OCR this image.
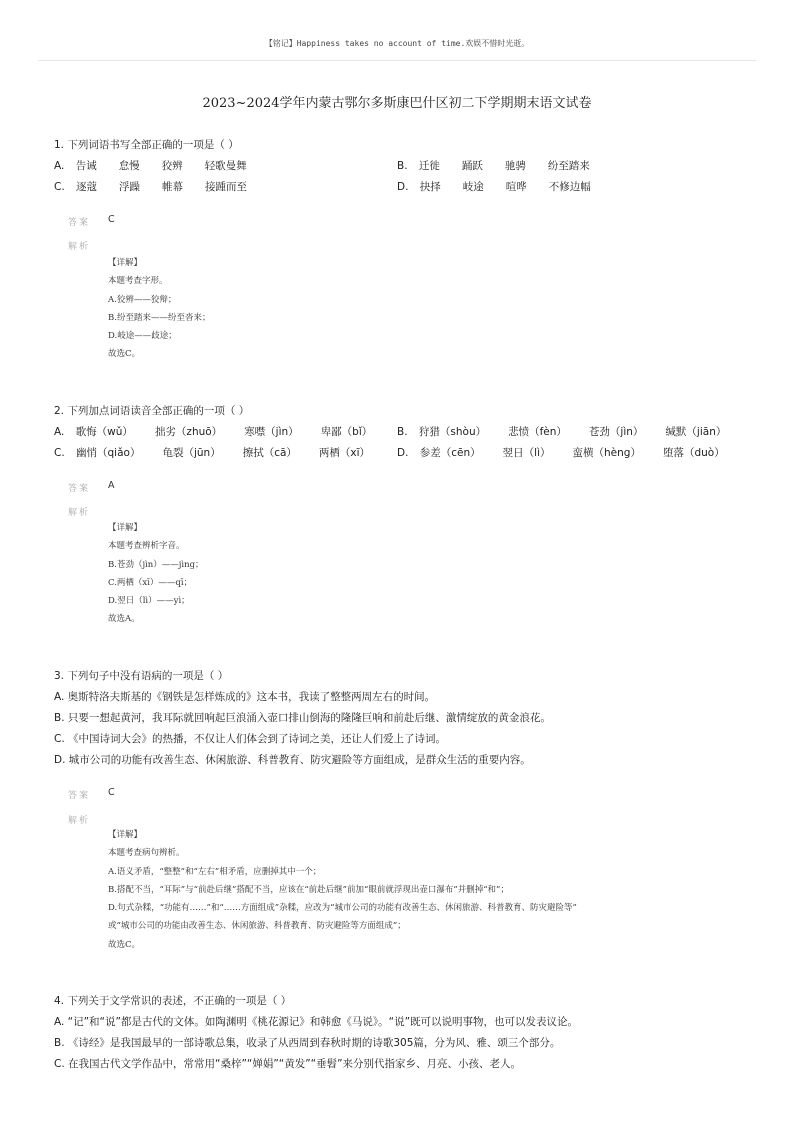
【铭记】Happiness takes no account of time.欢娱不惜时光逝。
2023~2024学年内蒙古鄂尔多斯康巴什区初二下学期期末语文试卷
1. 下列词语书写全部正确的一项是（ ）
A. 告诫 怠慢 狡辨 轻歌曼舞	B. 迁徙 踊跃 驰骋 纷至踏来
C. 逐蔻 浮躁 帷幕 接踵而至	D. 抉择 岐途 喧哗 不修边幅
答案 C
解析
【详解】
本题考查字形。
A.狡辨——狡辩；
B.纷至踏来——纷至沓来；
D.岐途——歧途；
故选C。
2. 下列加点词语读音全部正确的一项（ ）
A. 歌悔（wǔ） 拙劣（zhuō） 寒噤（jìn） 卑鄙（bǐ）	B. 狩猎（shòu） 悲愤（fèn） 苍劲（jìn） 缄默（jiān）
C. 幽悄（qiǎo） 龟裂（jūn） 擦拭（cā） 两栖（xī）	D. 参差（cēn） 翌日（lì） 蛮横（hèng） 堕落（duò）
答案 A
解析
【详解】
本题考查辨析字音。
B.苍劲（jìn）——jìng；
C.两栖（xī）——qī；
D.翌日（lì）——yì；
故选A。
3. 下列句子中没有语病的一项是（ ）
A. 奥斯特洛夫斯基的《钢铁是怎样炼成的》这本书，我读了整整两周左右的时间。
B. 只要一想起黄河，我耳际就回响起巨浪涌入壶口排山倒海的隆隆巨响和前赴后继、激情绽放的黄金浪花。
C. 《中国诗词大会》的热播，不仅让人们体会到了诗词之美，还让人们爱上了诗词。
D. 城市公司的功能有改善生态、休闲旅游、科普教育、防灾避险等方面组成，是群众生活的重要内容。
答案 C
解析
【详解】
本题考查病句辨析。
A.语义矛盾，“整整”和“左右”相矛盾，应删掉其中一个；
B.搭配不当，“耳际”与“前赴后继”搭配不当，应该在“前赴后继”前加“眼前就浮现出壶口瀑布”并删掉“和”；
D.句式杂糅，“功能有……”和“……方面组成”杂糅，应改为“城市公司的功能有改善生态、休闲旅游、科普教育、防灾避险等”
或“城市公司的功能由改善生态、休闲旅游、科普教育、防灾避险等方面组成”；
故选C。
4. 下列关于文学常识的表述，不正确的一项是（ ）
A. “记”和“说”都是古代的文体。如陶渊明《桃花源记》和韩愈《马说》。“说”既可以说明事物，也可以发表议论。
B. 《诗经》是我国最早的一部诗歌总集，收录了从西周到春秋时期的诗歌305篇，分为风、雅、颂三个部分。
C. 在我国古代文学作品中，常常用“桑梓”“婵娟”“黄发”“垂髫”来分别代指家乡、月亮、小孩、老人。
